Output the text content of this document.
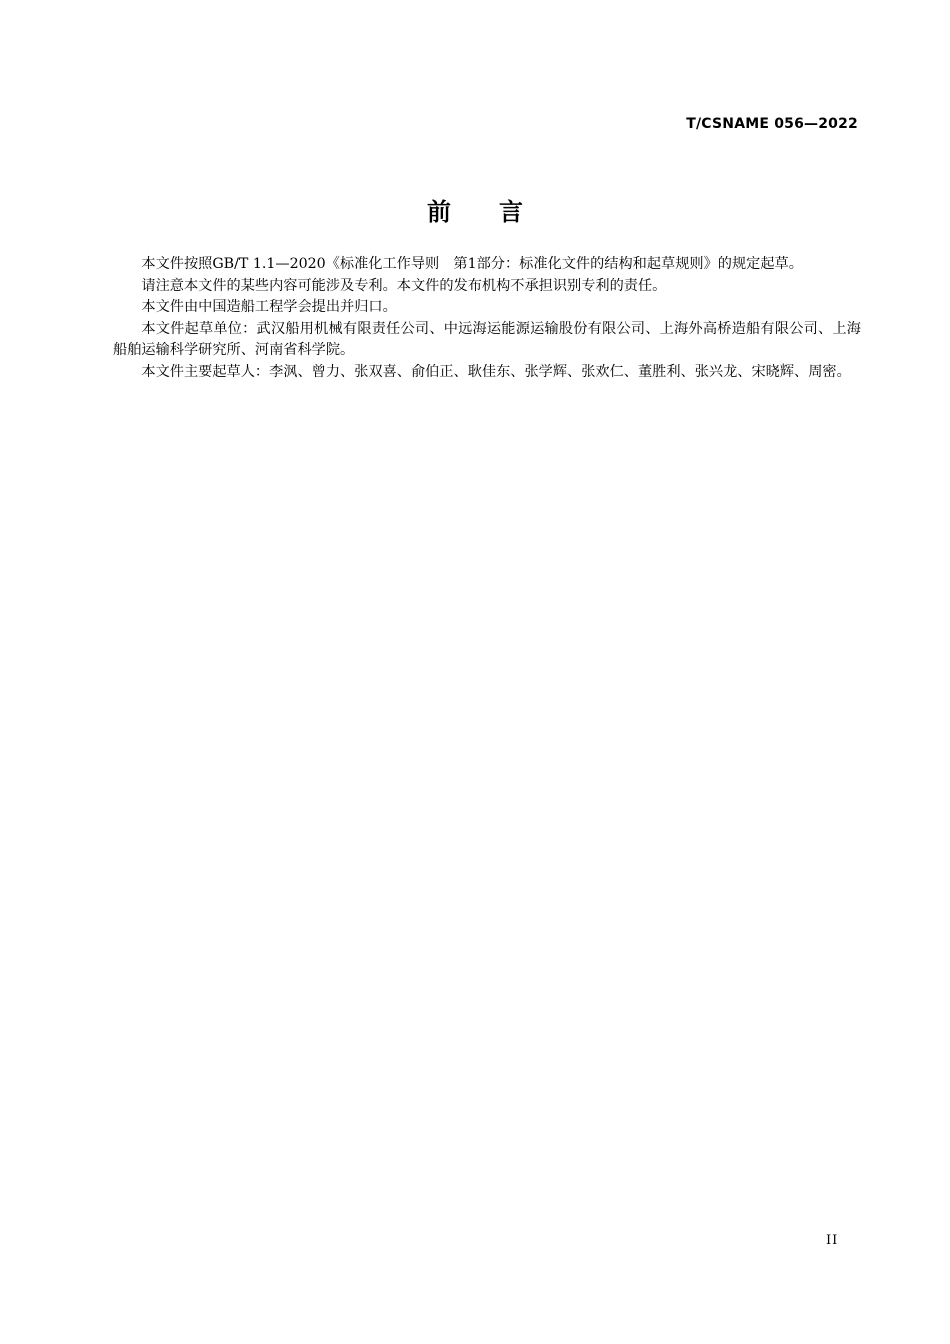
T/CSNAME 056—2022
前　　言

本文件按照GB/T 1.1—2020《标准化工作导则　第1部分：标准化文件的结构和起草规则》的规定起草。

请注意本文件的某些内容可能涉及专利。本文件的发布机构不承担识别专利的责任。

本文件由中国造船工程学会提出并归口。

本文件起草单位：武汉船用机械有限责任公司、中远海运能源运输股份有限公司、上海外高桥造船有限公司、上海船舶运输科学研究所、河南省科学院。

本文件主要起草人：李沨、曾力、张双喜、俞伯正、耿佳东、张学辉、张欢仁、董胜利、张兴龙、宋晓辉、周密。

II
